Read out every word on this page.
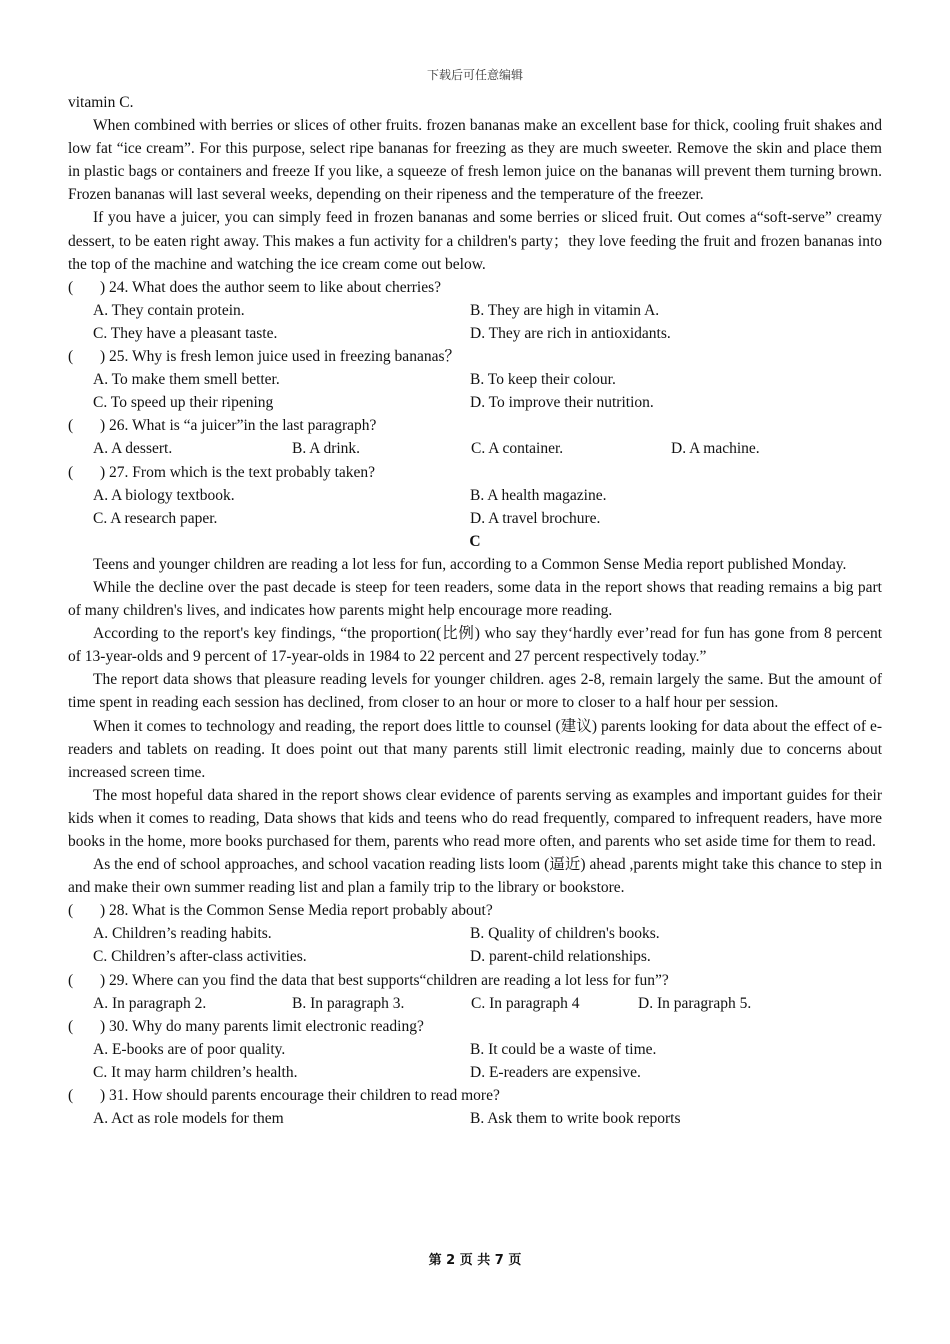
下载后可任意编辑

vitamin C.

When combined with berries or slices of other fruits. frozen bananas make an excellent base for thick, cooling fruit shakes and low fat “ice cream”. For this purpose, select ripe bananas for freezing as they are much sweeter. Remove the skin and place them in plastic bags or containers and freeze If you like, a squeeze of fresh lemon juice on the bananas will prevent them turning brown. Frozen bananas will last several weeks, depending on their ripeness and the temperature of the freezer.

If you have a juicer, you can simply feed in frozen bananas and some berries or sliced fruit. Out comes a“soft-serve” creamy dessert, to be eaten right away. This makes a fun activity for a children's party；they love feeding the fruit and frozen bananas into the top of the machine and watching the ice cream come out below.

( ) 24. What does the author seem to like about cherries?
A. They contain protein.	B. They are high in vitamin A.
C. They have a pleasant taste.	D. They are rich in antioxidants.
( ) 25. Why is fresh lemon juice used in freezing bananas？
A. To make them smell better.	B. To keep their colour.
C. To speed up their ripening	D. To improve their nutrition.
( ) 26. What is “a juicer”in the last paragraph?
A. A dessert.	B. A drink.	C. A container.	D. A machine.
( ) 27. From which is the text probably taken?
A. A biology textbook.	B. A health magazine.
C. A research paper.	D. A travel brochure.
C

Teens and younger children are reading a lot less for fun, according to a Common Sense Media report published Monday.

While the decline over the past decade is steep for teen readers, some data in the report shows that reading remains a big part of many children's lives, and indicates how parents might help encourage more reading.

According to the report's key findings, “the proportion(比例) who say they‘hardly ever’read for fun has gone from 8 percent of 13-year-olds and 9 percent of 17-year-olds in 1984 to 22 percent and 27 percent respectively today.”

The report data shows that pleasure reading levels for younger children. ages 2-8, remain largely the same. But the amount of time spent in reading each session has declined, from closer to an hour or more to closer to a half hour per session.

When it comes to technology and reading, the report does little to counsel (建议) parents looking for data about the effect of e-readers and tablets on reading. It does point out that many parents still limit electronic reading, mainly due to concerns about increased screen time.

The most hopeful data shared in the report shows clear evidence of parents serving as examples and important guides for their kids when it comes to reading, Data shows that kids and teens who do read frequently, compared to infrequent readers, have more books in the home, more books purchased for them, parents who read more often, and parents who set aside time for them to read.

As the end of school approaches, and school vacation reading lists loom (逼近) ahead ,parents might take this chance to step in and make their own summer reading list and plan a family trip to the library or bookstore.

( ) 28. What is the Common Sense Media report probably about?
A. Children’s reading habits.	B. Quality of children's books.
C. Children’s after-class activities.	D. parent-child relationships.
( ) 29. Where can you find the data that best supports“children are reading a lot less for fun”?
A. In paragraph 2.	B. In paragraph 3.	C. In paragraph 4	D. In paragraph 5.
( ) 30. Why do many parents limit electronic reading?
A. E-books are of poor quality.	B. It could be a waste of time.
C. It may harm children’s health.	D. E-readers are expensive.
( ) 31. How should parents encourage their children to read more?
A. Act as role models for them	B. Ask them to write book reports
第 2 页 共 7 页
